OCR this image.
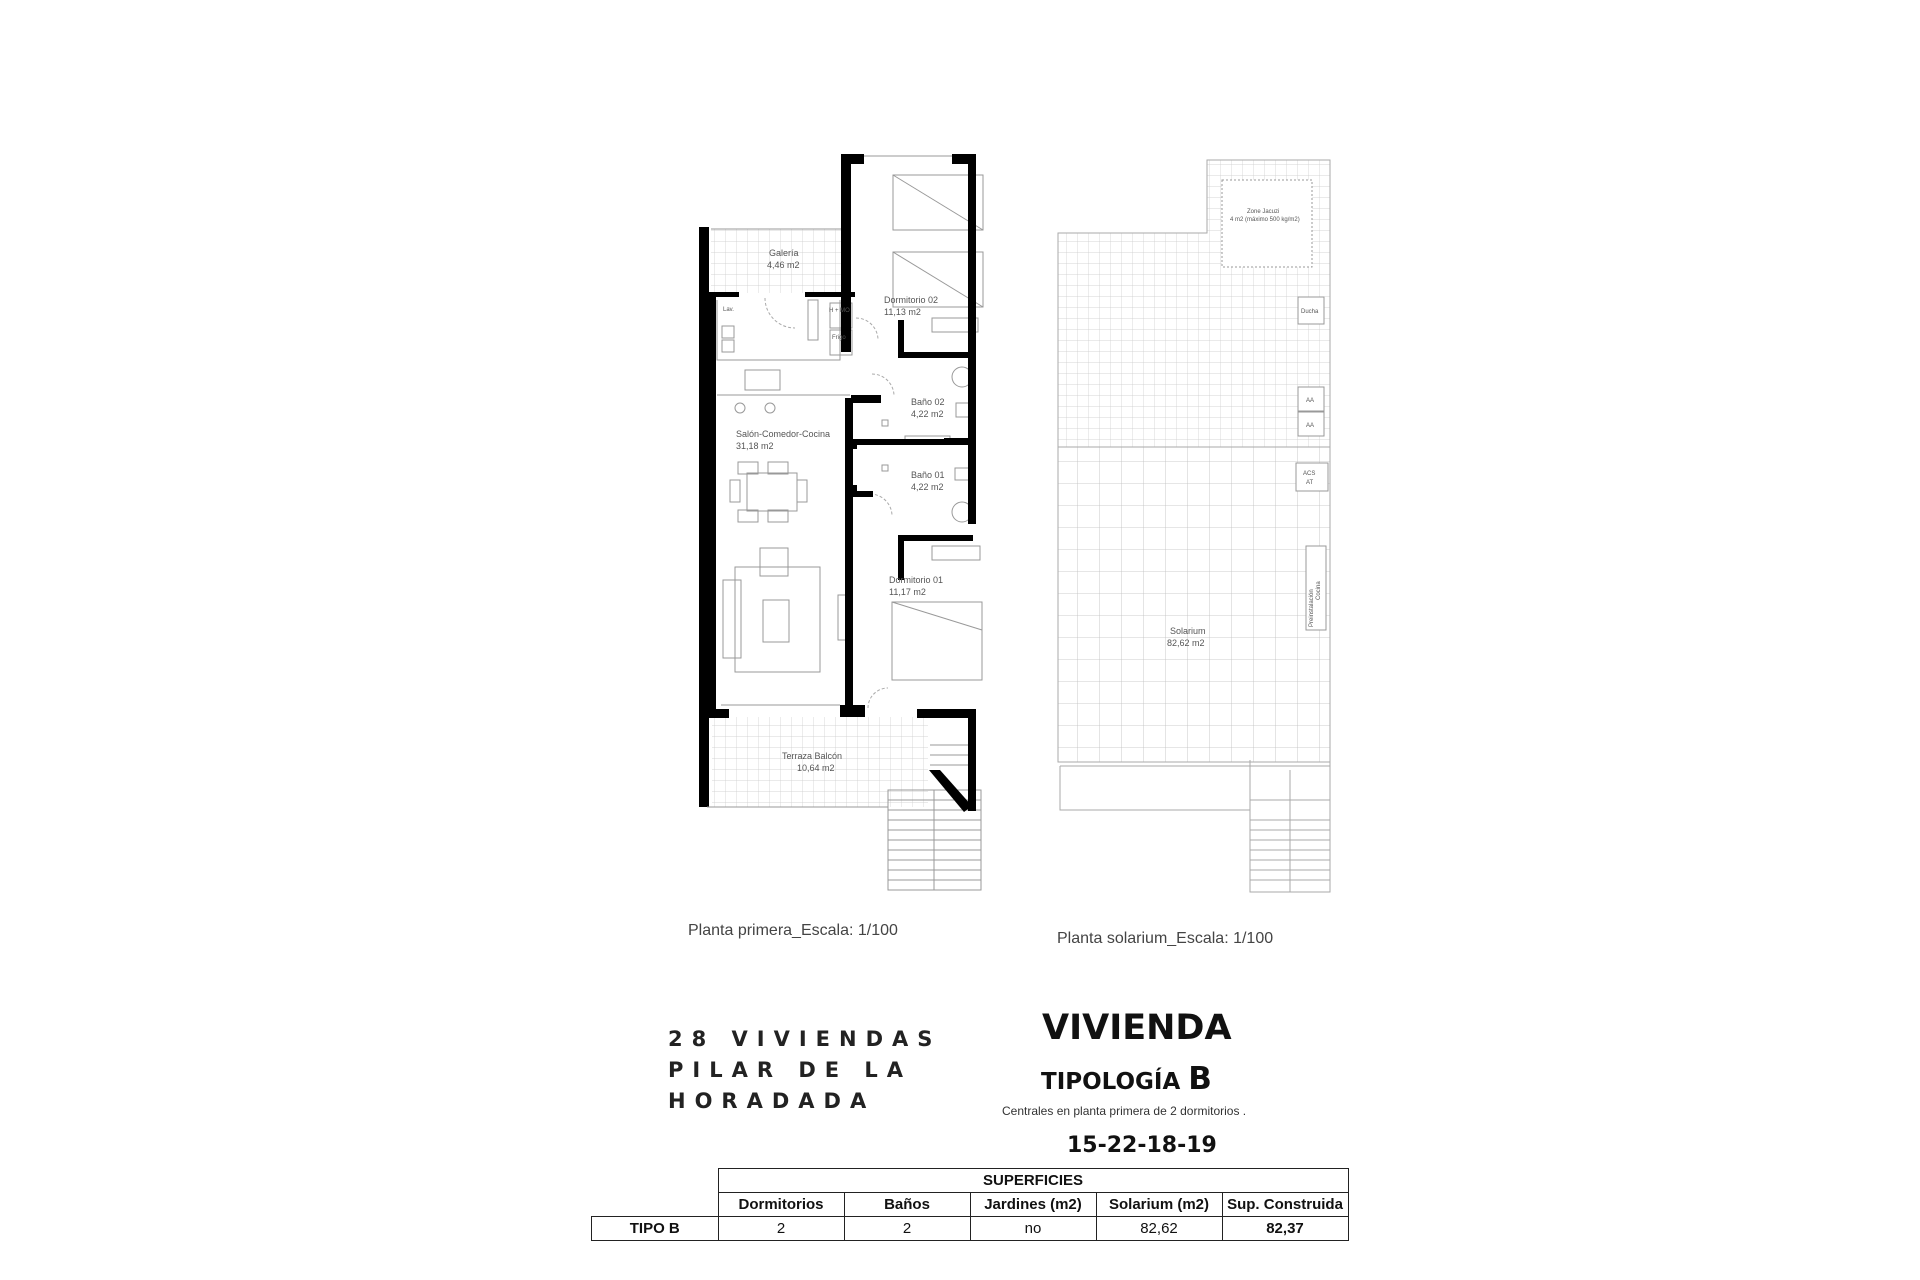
Galería
4,46 m2
Dormitorio 02
11,13 m2
Lav.	H + MO
Frigo
Baño 02
4,22 m2
Salón-Comedor-Cocina
31,18 m2
Baño 01
4,22 m2
Dormitorio 01
11,17 m2
Terraza Balcón
10,64 m2
Zone Jacuzi
4 m2 (máximo 500 kg/m2)
Ducha
AA
AA
ACS
AT
Preinstalación Cocina
Solarium
82,62 m2
Planta primera_Escala: 1/100	Planta solarium_Escala: 1/100
28 VIVIENDAS
PILAR DE LA
HORADADA
VIVIENDA
TIPOLOGÍA B
Centrales en planta primera de 2 dormitorios .
15-22-18-19
	SUPERFICIES				
	Dormitorios	Baños	Jardines (m2)	Solarium (m2)	Sup. Construida
TIPO B	2	2	no	82,62	82,37
